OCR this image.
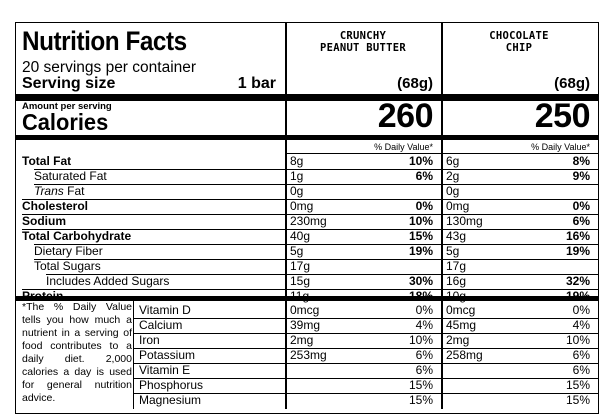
Nutrition Facts
20 servings per container
Serving size	1 bar
Amount per serving
Calories
CRUNCHY
PEANUT BUTTER
CHOCOLATE
CHIP
(68g)	(68g)
260	250
% Daily Value*	% Daily Value*
Total Fat	8g	10% 6g	8%
Saturated Fat	1g	6% 2g	9%
Trans Fat	0g	0g
Cholesterol	0mg	0% 0mg	0%
Sodium	230mg	10% 130mg	6%
Total Carbohydrate	40g	15% 43g	16%
Dietary Fiber	5g	19% 5g	19%
Total Sugars	17g	17g
Includes Added Sugars	15g	30% 16g	32%
*The % Daily Value tells you how much a nutrient in a serving of food contributes to a daily diet. 2,000 calories a day is used for general nutrition advice.
Vitamin D	0mcg	0% 0mcg	0%
Calcium	39mg	4% 45mg	4%
Iron	2mg	10% 2mg	10%
Potassium	253mg	6% 258mg	6%
Vitamin E	6%	6%
Phosphorus	15%	15%
Magnesium	15%	15%
